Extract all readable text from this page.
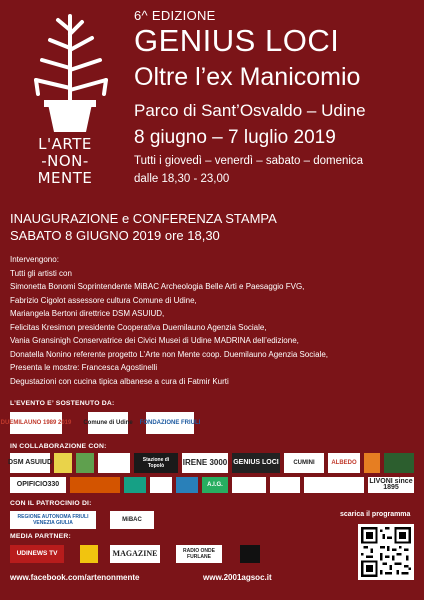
L'ARTE
-NON-
MENTE
6^ EDIZIONE
GENIUS LOCI
Oltre l’ex Manicomio
Parco di Sant’Osvaldo – Udine
8 giugno – 7 luglio 2019
Tutti i giovedì – venerdì – sabato – domenica
dalle 18,30 - 23,00
INAUGURAZIONE e CONFERENZA STAMPA
SABATO 8 GIUGNO 2019 ore 18,30
Intervengono:
Tutti gli artisti con
Simonetta Bonomi Soprintendente MiBAC Archeologia Belle Arti e Paesaggio FVG,
Fabrizio Cigolot assessore cultura Comune di Udine,
Mariangela Bertoni direttrice DSM ASUIUD,
Felicitas Kresimon presidente Cooperativa Duemilauno Agenzia Sociale,
Vania Gransinigh Conservatrice dei Civici Musei di Udine MADRINA dell’edizione,
Donatella Nonino referente progetto L’Arte non Mente coop. Duemilauno Agenzia Sociale,
Presenta le mostre: Francesca Agostinelli
Degustazioni con cucina tipica albanese a cura di Fatmir Kurti
L’EVENTO E’ SOSTENUTO DA:
DUEMILAUNO 1989 2019 Comune di Udine FONDAZIONE FRIULI
IN COLLABORAZIONE CON:
DSM ASUIUD	Stazione di Topolò	IRENE 3000 GENIUS LOCI	CUMINI	ALBEDO
OPIFICIO330	A.I.G.
LIVONI since 1895
CON IL PATROCINIO DI:
REGIONE AUTONOMA FRIULI VENEZIA GIULIA
MiBAC
MEDIA PARTNER:
UDINEWS TV	MAGAZINE	RADIO ONDE FURLANE
scarica il programma
www.facebook.com/artenonmente	www.2001agsoc.it
